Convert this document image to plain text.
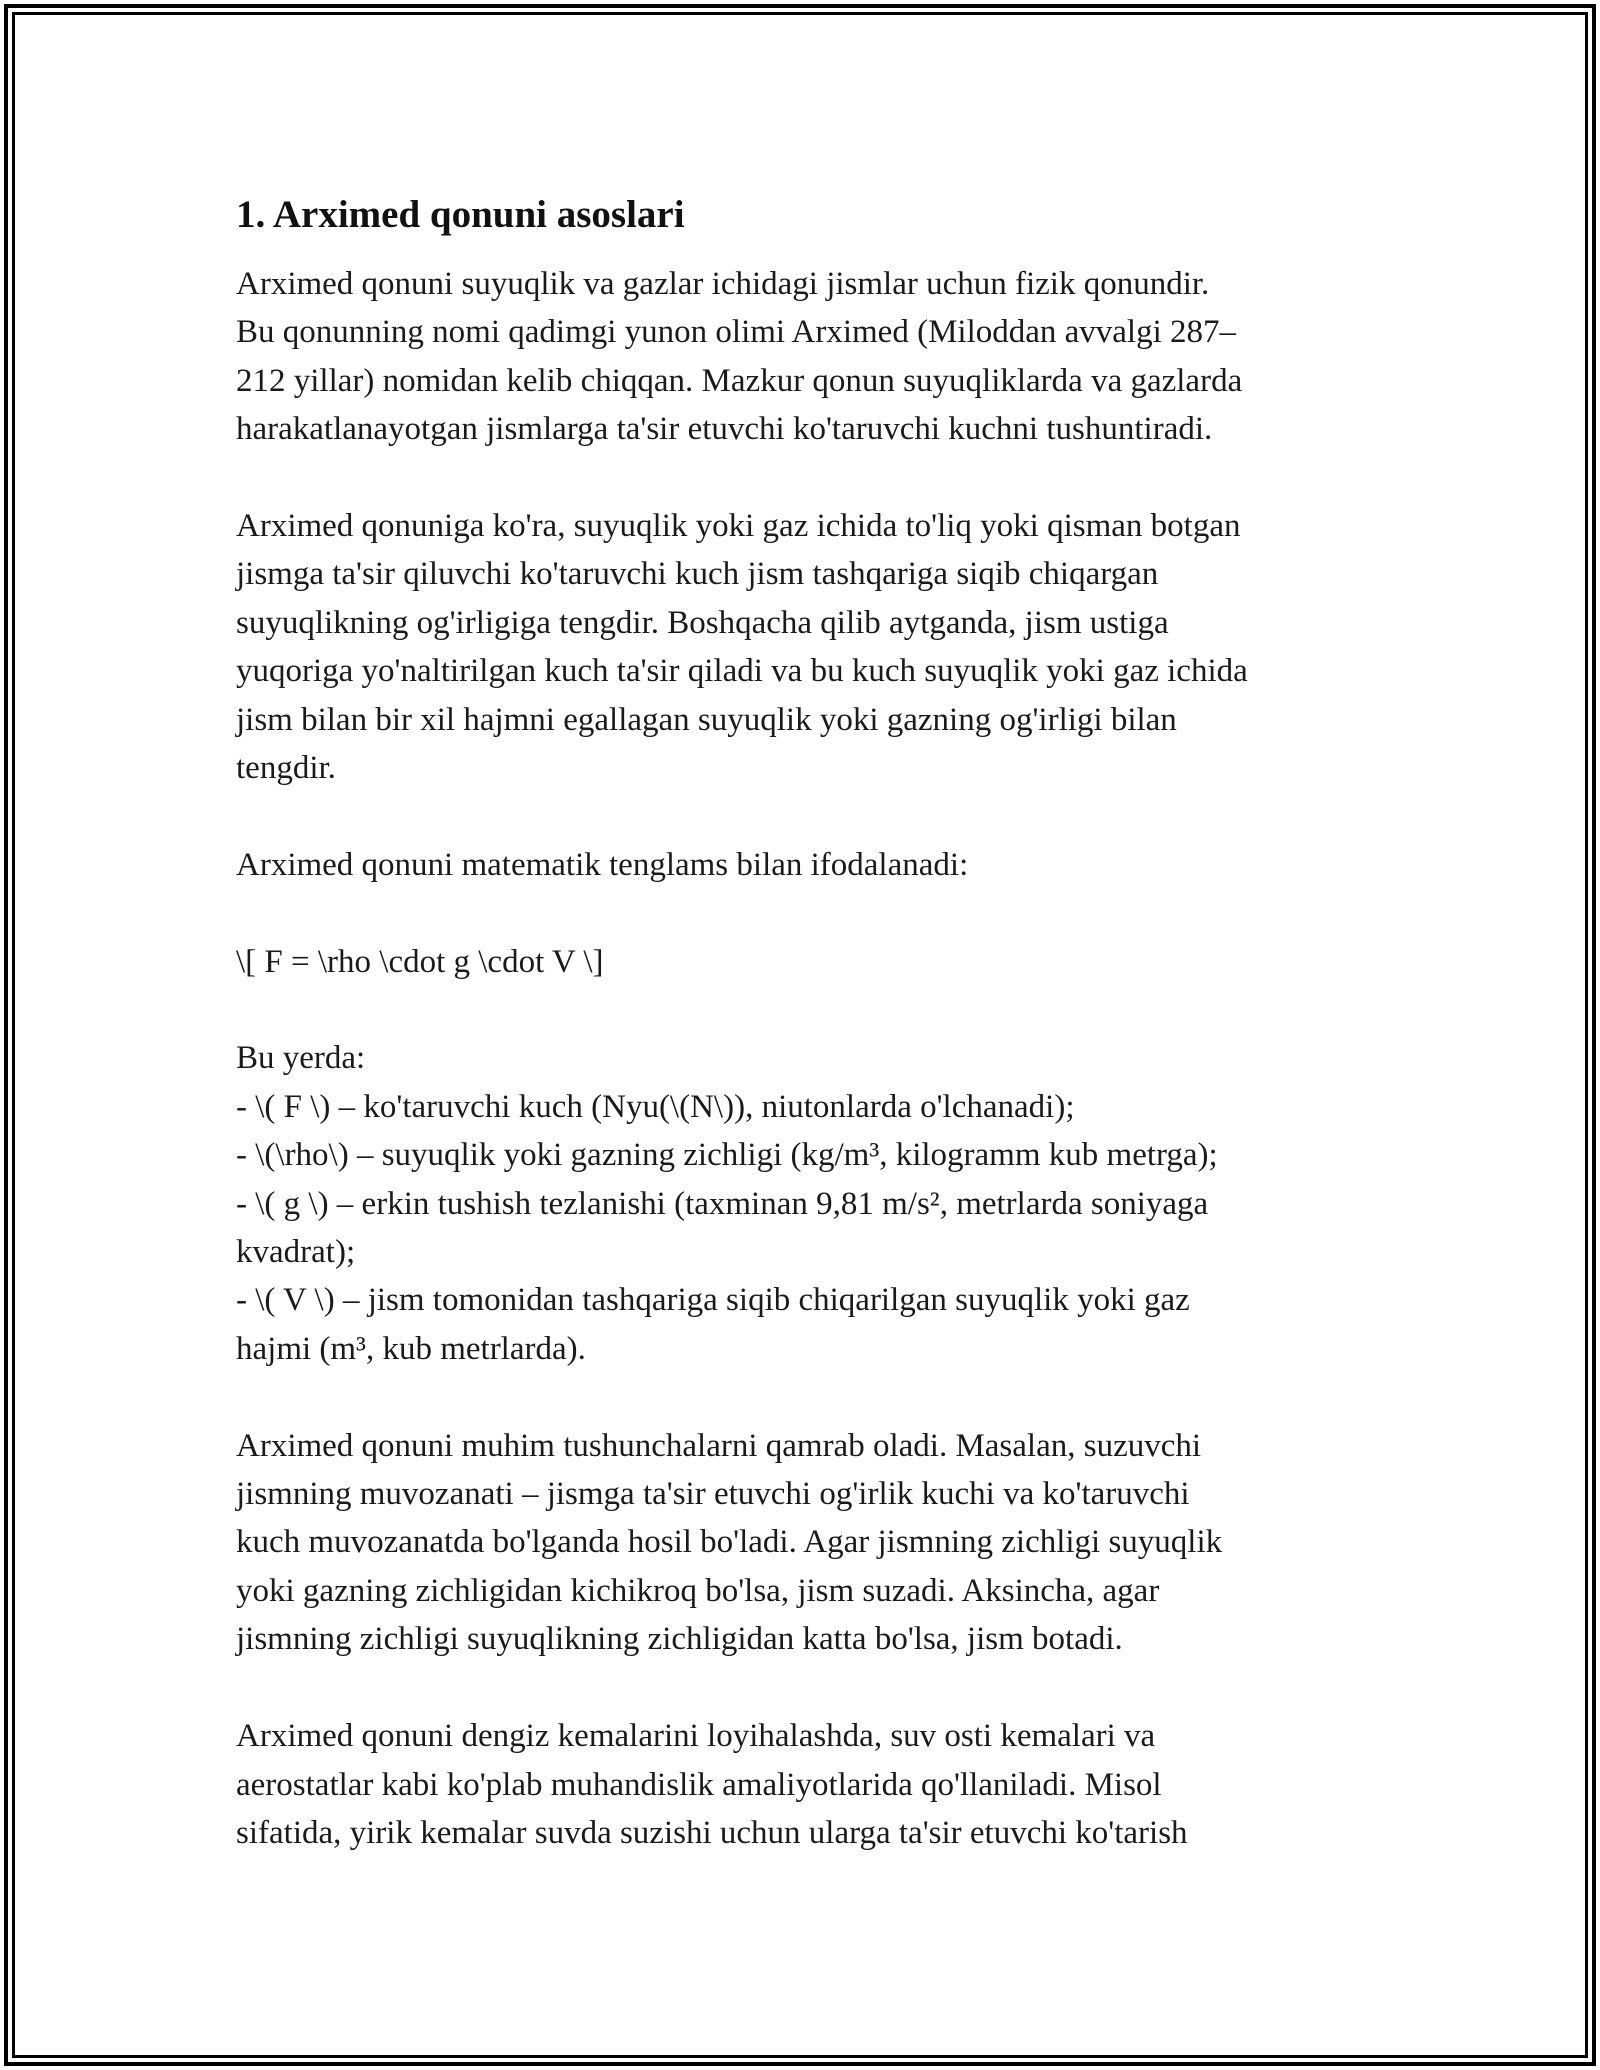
1. Arximed qonuni asoslari

Arximed qonuni suyuqlik va gazlar ichidagi jismlar uchun fizik qonundir.
Bu qonunning nomi qadimgi yunon olimi Arximed (Miloddan avvalgi 287–
212 yillar) nomidan kelib chiqqan. Mazkur qonun suyuqliklarda va gazlarda
harakatlanayotgan jismlarga ta'sir etuvchi ko'taruvchi kuchni tushuntiradi.

Arximed qonuniga ko'ra, suyuqlik yoki gaz ichida to'liq yoki qisman botgan
jismga ta'sir qiluvchi ko'taruvchi kuch jism tashqariga siqib chiqargan
suyuqlikning og'irligiga tengdir. Boshqacha qilib aytganda, jism ustiga
yuqoriga yo'naltirilgan kuch ta'sir qiladi va bu kuch suyuqlik yoki gaz ichida
jism bilan bir xil hajmni egallagan suyuqlik yoki gazning og'irligi bilan
tengdir.

Arximed qonuni matematik tenglams bilan ifodalanadi:

\[ F = \rho \cdot g \cdot V \]

Bu yerda:
- \( F \) – ko'taruvchi kuch (Nyu(\(N\)), niutonlarda o'lchanadi);
- \(\rho\) – suyuqlik yoki gazning zichligi (kg/m³, kilogramm kub metrga);
- \( g \) – erkin tushish tezlanishi (taxminan 9,81 m/s², metrlarda soniyaga
kvadrat);
- \( V \) – jism tomonidan tashqariga siqib chiqarilgan suyuqlik yoki gaz
hajmi (m³, kub metrlarda).

Arximed qonuni muhim tushunchalarni qamrab oladi. Masalan, suzuvchi
jismning muvozanati – jismga ta'sir etuvchi og'irlik kuchi va ko'taruvchi
kuch muvozanatda bo'lganda hosil bo'ladi. Agar jismning zichligi suyuqlik
yoki gazning zichligidan kichikroq bo'lsa, jism suzadi. Aksincha, agar
jismning zichligi suyuqlikning zichligidan katta bo'lsa, jism botadi.

Arximed qonuni dengiz kemalarini loyihalashda, suv osti kemalari va
aerostatlar kabi ko'plab muhandislik amaliyotlarida qo'llaniladi. Misol
sifatida, yirik kemalar suvda suzishi uchun ularga ta'sir etuvchi ko'tarish
